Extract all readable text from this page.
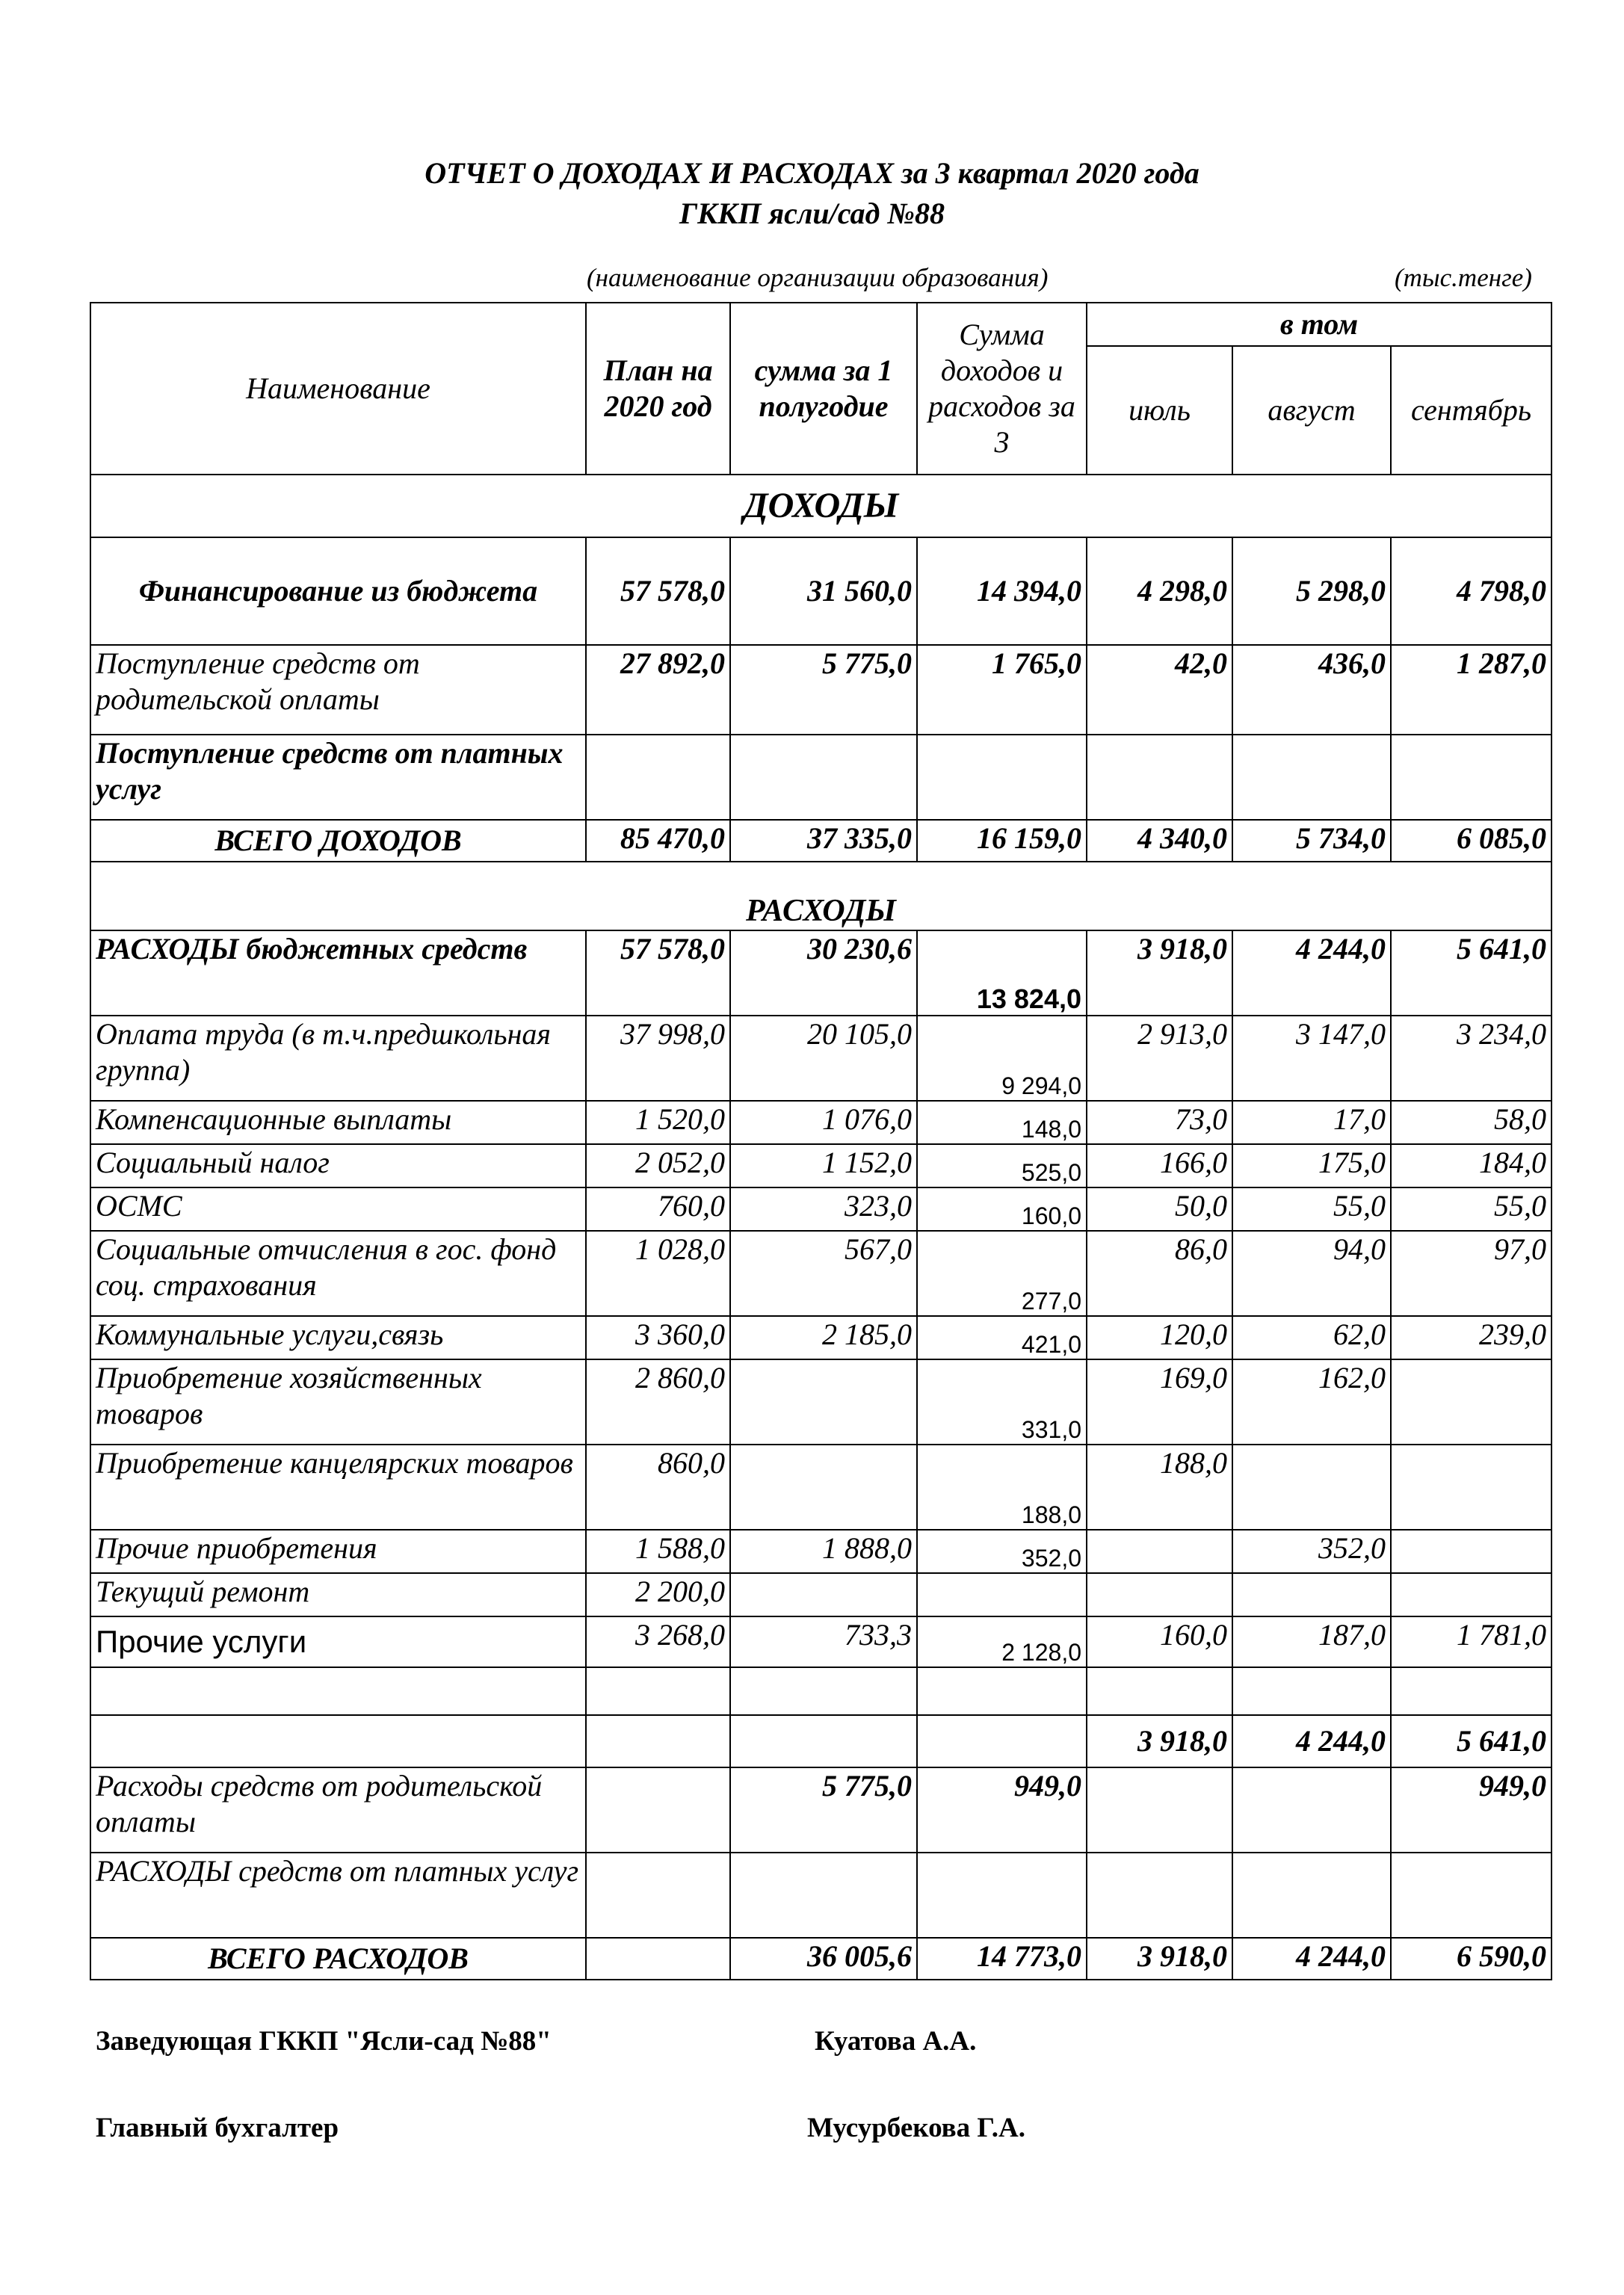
ОТЧЕТ О ДОХОДАХ И РАСХОДАХ за 3 квартал 2020 года
ГККП ясли/сад №88
(наименование организации образования)	(тыс.тенге)
Наименование	План на 2020 год	сумма за 1 полугодие	Сумма доходов и расходов за 3	в том		
				июль	август	сентябрь
ДОХОДЫ						
Финансирование из бюджета	57 578,0	31 560,0	14 394,0	4 298,0	5 298,0	4 798,0
Поступление средств от родительской оплаты	27 892,0	5 775,0	1 765,0	42,0	436,0	1 287,0
Поступление средств от платных услуг						
ВСЕГО ДОХОДОВ	85 470,0	37 335,0	16 159,0	4 340,0	5 734,0	6 085,0
РАСХОДЫ						
РАСХОДЫ бюджетных средств	57 578,0	30 230,6	13 824,0	3 918,0	4 244,0	5 641,0
Оплата труда (в т.ч.предшкольная группа)	37 998,0	20 105,0	9 294,0	2 913,0	3 147,0	3 234,0
Компенсационные выплаты	1 520,0	1 076,0	148,0	73,0	17,0	58,0
Социальный налог	2 052,0	1 152,0	525,0	166,0	175,0	184,0
ОСМС	760,0	323,0	160,0	50,0	55,0	55,0
Социальные отчисления в гос. фонд соц. страхования	1 028,0	567,0	277,0	86,0	94,0	97,0
Коммунальные услуги,связь	3 360,0	2 185,0	421,0	120,0	62,0	239,0
Приобретение хозяйственных товаров	2 860,0		331,0	169,0	162,0	
Приобретение канцелярских товаров	860,0		188,0	188,0		
Прочие приобретения	1 588,0	1 888,0	352,0		352,0	
Текущий ремонт	2 200,0					
Прочие услуги	3 268,0	733,3	2 128,0	160,0	187,0	1 781,0

				3 918,0	4 244,0	5 641,0
Расходы средств от родительской оплаты		5 775,0	949,0			949,0
РАСХОДЫ средств от платных услуг						
ВСЕГО РАСХОДОВ		36 005,6	14 773,0	3 918,0	4 244,0	6 590,0
Заведующая ГККП "Ясли-сад №88"	Куатова А.А.
Главный бухгалтер	Мусурбекова Г.А.
